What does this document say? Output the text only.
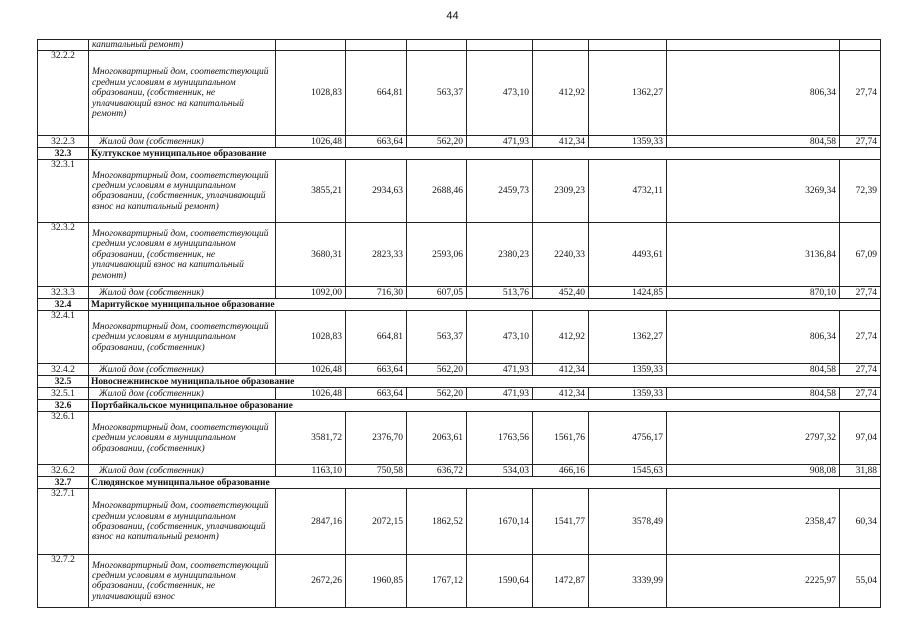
44
	капитальный ремонт)								
32.2.2	Многоквартирный дом, соответствующий средним условиям в муниципальном образовании, (собственник, не уплачивающий взнос на капитальный ремонт)	1028,83	664,81	563,37	473,10	412,92	1362,27	806,34	27,74
32.2.3	Жилой дом (собственник)	1026,48	663,64	562,20	471,93	412,34	1359,33	804,58	27,74
32.3	Култукское муниципальное образование								
32.3.1	Многоквартирный дом, соответствующий средним условиям в муниципальном образовании, (собственник, уплачивающий взнос на капитальный ремонт)	3855,21	2934,63	2688,46	2459,73	2309,23	4732,11	3269,34	72,39
32.3.2	Многоквартирный дом, соответствующий средним условиям в муниципальном образовании, (собственник, не уплачивающий взнос на капитальный ремонт)	3680,31	2823,33	2593,06	2380,23	2240,33	4493,61	3136,84	67,09
32.3.3	Жилой дом (собственник)	1092,00	716,30	607,05	513,76	452,40	1424,85	870,10	27,74
32.4	Маритуйское муниципальное образование								
32.4.1	Многоквартирный дом, соответствующий средним условиям в муниципальном образовании, (собственник)	1028,83	664,81	563,37	473,10	412,92	1362,27	806,34	27,74
32.4.2	Жилой дом (собственник)	1026,48	663,64	562,20	471,93	412,34	1359,33	804,58	27,74
32.5	Новоснежнинское муниципальное образование								
32.5.1	Жилой дом (собственник)	1026,48	663,64	562,20	471,93	412,34	1359,33	804,58	27,74
32.6	Портбайкальское муниципальное образование								
32.6.1	Многоквартирный дом, соответствующий средним условиям в муниципальном образовании, (собственник)	3581,72	2376,70	2063,61	1763,56	1561,76	4756,17	2797,32	97,04
32.6.2	Жилой дом (собственник)	1163,10	750,58	636,72	534,03	466,16	1545,63	908,08	31,88
32.7	Слюдянское муниципальное образование								
32.7.1	Многоквартирный дом, соответствующий средним условиям в муниципальном образовании, (собственник, уплачивающий взнос на капитальный ремонт)	2847,16	2072,15	1862,52	1670,14	1541,77	3578,49	2358,47	60,34
32.7.2	Многоквартирный дом, соответствующий средним условиям в муниципальном образовании, (собственник, не уплачивающий взнос	2672,26	1960,85	1767,12	1590,64	1472,87	3339,99	2225,97	55,04
